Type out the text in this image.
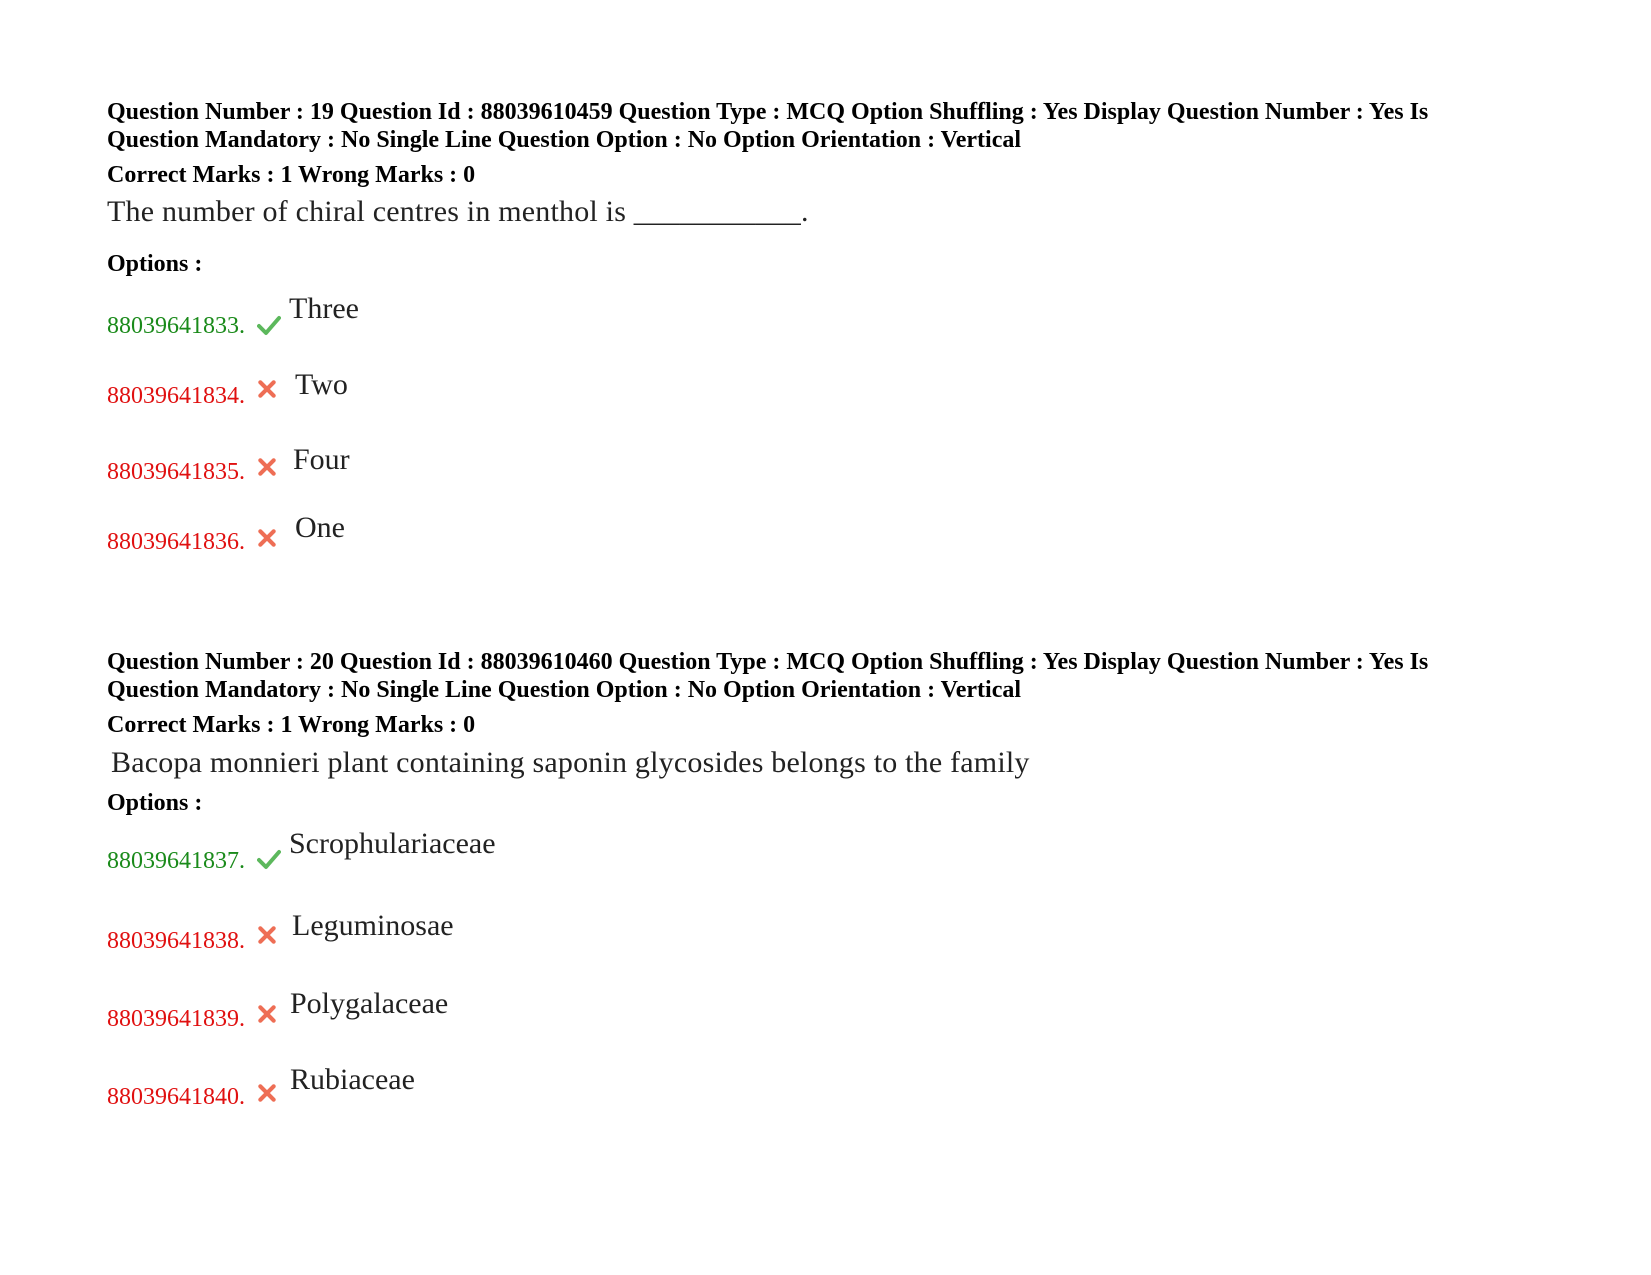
Question Number : 19 Question Id : 88039610459 Question Type : MCQ Option Shuffling : Yes Display Question Number : Yes Is
Question Mandatory : No Single Line Question Option : No Option Orientation : Vertical
Correct Marks : 1 Wrong Marks : 0
The number of chiral centres in menthol is ___________.
Options :
88039641833.
Three
88039641834. Two
88039641835. Four
88039641836. One
Question Number : 20 Question Id : 88039610460 Question Type : MCQ Option Shuffling : Yes Display Question Number : Yes Is
Question Mandatory : No Single Line Question Option : No Option Orientation : Vertical
Correct Marks : 1 Wrong Marks : 0
Bacopa monnieri plant containing saponin glycosides belongs to the family
Options :
88039641837.
Scrophulariaceae
88039641838. Leguminosae
88039641839. Polygalaceae
88039641840.
Rubiaceae
